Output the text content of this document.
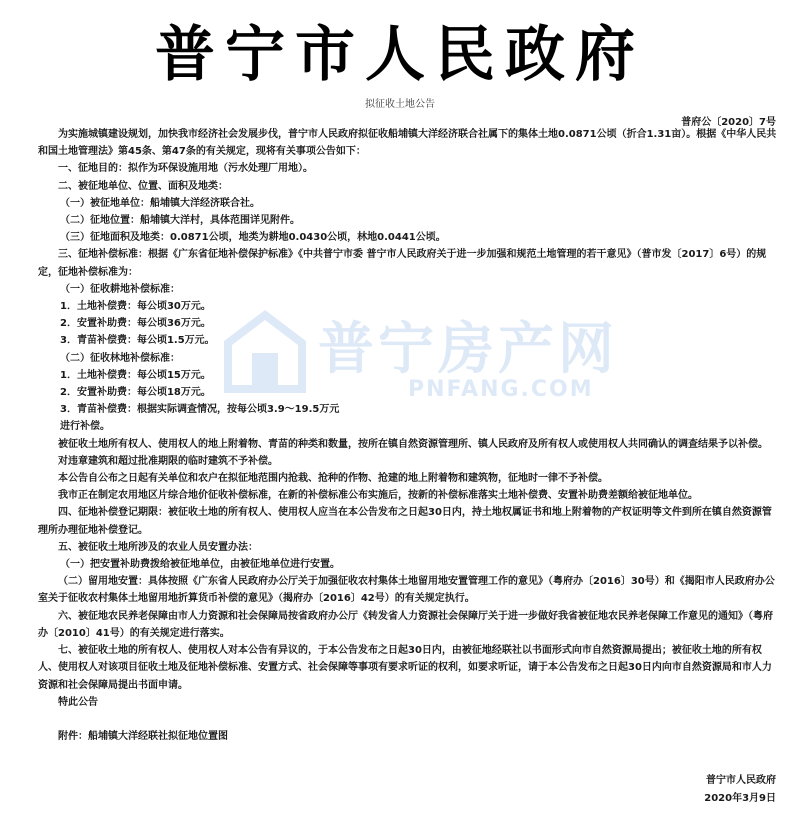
普宁市人民政府
拟征收土地公告
普府公〔2020〕7号
普宁房产网
PNFANG.COM

为实施城镇建设规划，加快我市经济社会发展步伐，普宁市人民政府拟征收船埔镇大洋经济联合社属下的集体土地0.0871公顷（折合1.31亩）。根据《中华人民共和国土地管理法》第45条、第47条的有关规定，现将有关事项公告如下：

一、征地目的：拟作为环保设施用地（污水处理厂用地）。

二、被征地单位、位置、面积及地类：

（一）被征地单位：船埔镇大洋经济联合社。

（二）征地位置：船埔镇大洋村，具体范围详见附件。

（三）征地面积及地类：0.0871公顷，地类为耕地0.0430公顷，林地0.0441公顷。

三、征地补偿标准：根据《广东省征地补偿保护标准》《中共普宁市委 普宁市人民政府关于进一步加强和规范土地管理的若干意见》（普市发〔2017〕6号）的规定，征地补偿标准为：

（一）征收耕地补偿标准：

1．土地补偿费：每公顷30万元。

2．安置补助费：每公顷36万元。

3．青苗补偿费：每公顷1.5万元。

（二）征收林地补偿标准：

1．土地补偿费：每公顷15万元。

2．安置补助费：每公顷18万元。

3．青苗补偿费：根据实际调查情况，按每公顷3.9～19.5万元

进行补偿。

被征收土地所有权人、使用权人的地上附着物、青苗的种类和数量，按所在镇自然资源管理所、镇人民政府及所有权人或使用权人共同确认的调查结果予以补偿。

对违章建筑和超过批准期限的临时建筑不予补偿。

本公告自公布之日起有关单位和农户在拟征地范围内抢栽、抢种的作物、抢建的地上附着物和建筑物，征地时一律不予补偿。

我市正在制定农用地区片综合地价征收补偿标准，在新的补偿标准公布实施后，按新的补偿标准落实土地补偿费、安置补助费差额给被征地单位。

四、征地补偿登记期限：被征收土地的所有权人、使用权人应当在本公告发布之日起30日内，持土地权属证书和地上附着物的产权证明等文件到所在镇自然资源管理所办理征地补偿登记。

五、被征收土地所涉及的农业人员安置办法：

（一）把安置补助费拨给被征地单位，由被征地单位进行安置。

（二）留用地安置：具体按照《广东省人民政府办公厅关于加强征收农村集体土地留用地安置管理工作的意见》（粤府办〔2016〕30号）和《揭阳市人民政府办公室关于征收农村集体土地留用地折算货币补偿的意见》（揭府办〔2016〕42号）的有关规定执行。

六、被征地农民养老保障由市人力资源和社会保障局按省政府办公厅《转发省人力资源社会保障厅关于进一步做好我省被征地农民养老保障工作意见的通知》（粤府办〔2010〕41号）的有关规定进行落实。

七、被征收土地的所有权人、使用权人对本公告有异议的，于本公告发布之日起30日内，由被征地经联社以书面形式向市自然资源局提出；被征收土地的所有权人、使用权人对该项目征收土地及征地补偿标准、安置方式、社会保障等事项有要求听证的权利，如要求听证，请于本公告发布之日起30日内向市自然资源局和市人力资源和社会保障局提出书面申请。

特此公告

附件：船埔镇大洋经联社拟征地位置图

普宁市人民政府
2020年3月9日
